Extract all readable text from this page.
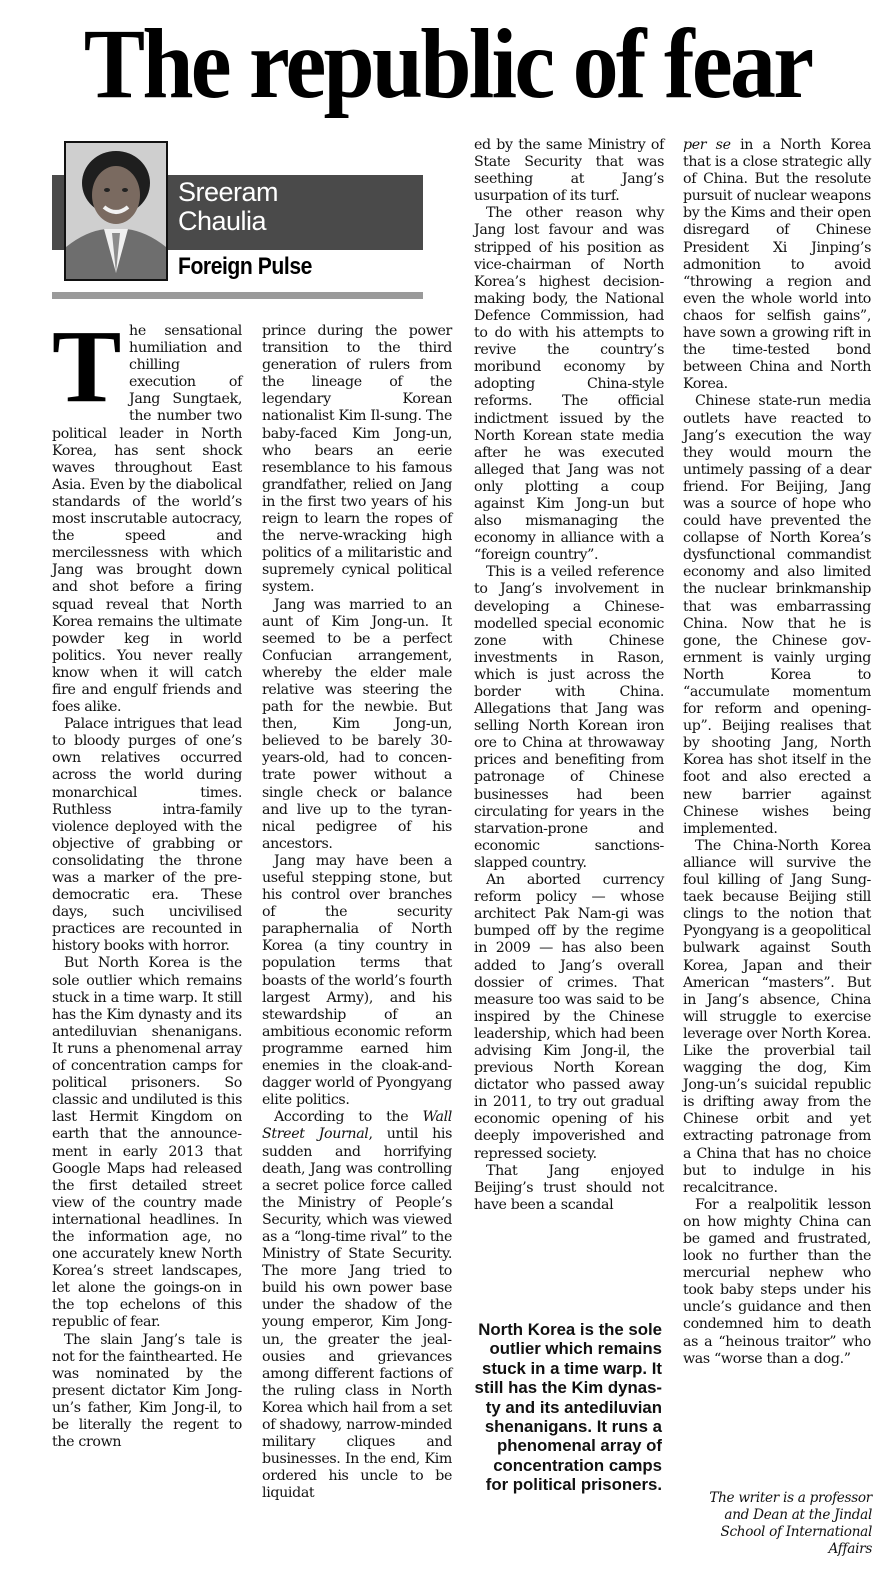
The republic of fear
Sreeram
Chaulia
Foreign Pulse

The sensational humiliation and chilling execution of Jang Sungtaek, the number two political leader in North Korea, has sent shock waves throughout East Asia. Even by the diabolical standards of the world’s most inscrutable autocracy, the speed and mercilessness with which Jang was brought down and shot before a firing squad reveal that North Korea remains the ultimate powder keg in world politics. You never really know when it will catch fire and engulf friends and foes alike.

Palace intrigues that lead to bloody purges of one’s own relatives occurred across the world during monarchical times. Ruthless intra-family violence deployed with the objective of grabbing or consolidating the throne was a marker of the predemocratic era. These days, such uncivilised practices are recounted in history books with horror.

But North Korea is the sole outlier which remains stuck in a time warp. It still has the Kim dynasty and its antediluvian shenanigans. It runs a phenomenal array of concentration camps for political prisoners. So classic and undiluted is this last Hermit Kingdom on earth that the announcement in early 2013 that Google Maps had released the first detailed street view of the country made international headlines. In the information age, no one accurately knew North Korea’s street landscapes, let alone the goings-on in the top echelons of this republic of fear.

The slain Jang’s tale is not for the fainthearted. He was nominated by the present dictator Kim Jong-un’s father, Kim Jong-il, to be literally the regent to the crown

prince during the power transition to the third generation of rulers from the lineage of the legendary Korean nationalist Kim Il-sung. The baby-faced Kim Jong-un, who bears an eerie resemblance to his famous grandfather, relied on Jang in the first two years of his reign to learn the ropes of the nerve-wracking high politics of a militaristic and supremely cynical political system.

Jang was married to an aunt of Kim Jong-un. It seemed to be a perfect Confucian arrangement, whereby the elder male relative was steering the path for the newbie. But then, Kim Jong-un, believed to be barely 30-years-old, had to concentrate power without a single check or balance and live up to the tyrannical pedigree of his ancestors.

Jang may have been a useful stepping stone, but his control over branches of the security paraphernalia of North Korea (a tiny country in population terms that boasts of the world’s fourth largest Army), and his stewardship of an ambitious economic reform programme earned him enemies in the cloak-and-dagger world of Pyongyang elite politics.

According to the Wall Street Journal, until his sudden and horrifying death, Jang was controlling a secret police force called the Ministry of People’s Security, which was viewed as a “long-time rival” to the Ministry of State Security. The more Jang tried to build his own power base under the shadow of the young emperor, Kim Jong-un, the greater the jealousies and grievances among different factions of the ruling class in North Korea which hail from a set of shadowy, narrow-minded military cliques and businesses. In the end, Kim ordered his uncle to be liquidat

ed by the same Ministry of State Security that was seething at Jang’s usurpation of its turf.

The other reason why Jang lost favour and was stripped of his position as vice-chairman of North Korea’s highest decision-making body, the National Defence Commission, had to do with his attempts to revive the country’s moribund economy by adopting China-style reforms. The official indictment issued by the North Korean state media after he was executed alleged that Jang was not only plotting a coup against Kim Jong-un but also mismanaging the economy in alliance with a “foreign country”.

This is a veiled reference to Jang’s involvement in developing a Chinese-modelled special economic zone with Chinese investments in Rason, which is just across the border with China. Allegations that Jang was selling North Korean iron ore to China at throwaway prices and benefiting from patronage of Chinese businesses had been circulating for years in the starvation-prone and economic sanctions-slapped country.

An aborted currency reform policy — whose architect Pak Nam-gi was bumped off by the regime in 2009 — has also been added to Jang’s overall dossier of crimes. That measure too was said to be inspired by the Chinese leadership, which had been advising Kim Jong-il, the previous North Korean dictator who passed away in 2011, to try out gradual economic opening of his deeply impoverished and repressed society.

That Jang enjoyed Beijing’s trust should not have been a scandal

North Korea is the sole outlier which remains stuck in a time warp. It still has the Kim dynasty and its antediluvian shenanigans. It runs a phenomenal array of concentration camps for political prisoners.

per se in a North Korea that is a close strategic ally of China. But the resolute pursuit of nuclear weapons by the Kims and their open disregard of Chinese President Xi Jinping’s admonition to avoid “throwing a region and even the whole world into chaos for selfish gains”, have sown a growing rift in the time-tested bond between China and North Korea.

Chinese state-run media outlets have reacted to Jang’s execution the way they would mourn the untimely passing of a dear friend. For Beijing, Jang was a source of hope who could have prevented the collapse of North Korea’s dysfunctional commandist economy and also limited the nuclear brinkmanship that was embarrassing China. Now that he is gone, the Chinese government is vainly urging North Korea to “accumulate momentum for reform and opening-up”. Beijing realises that by shooting Jang, North Korea has shot itself in the foot and also erected a new barrier against Chinese wishes being implemented.

The China-North Korea alliance will survive the foul killing of Jang Sung-taek because Beijing still clings to the notion that Pyongyang is a geopolitical bulwark against South Korea, Japan and their American “masters”. But in Jang’s absence, China will struggle to exercise leverage over North Korea. Like the proverbial tail wagging the dog, Kim Jong-un’s suicidal republic is drifting away from the Chinese orbit and yet extracting patronage from a China that has no choice but to indulge in his recalcitrance.

For a realpolitik lesson on how mighty China can be gamed and frustrated, look no further than the mercurial nephew who took baby steps under his uncle’s guidance and then condemned him to death as a “heinous traitor” who was “worse than a dog.”

The writer is a professor and Dean at the Jindal School of International Affairs
